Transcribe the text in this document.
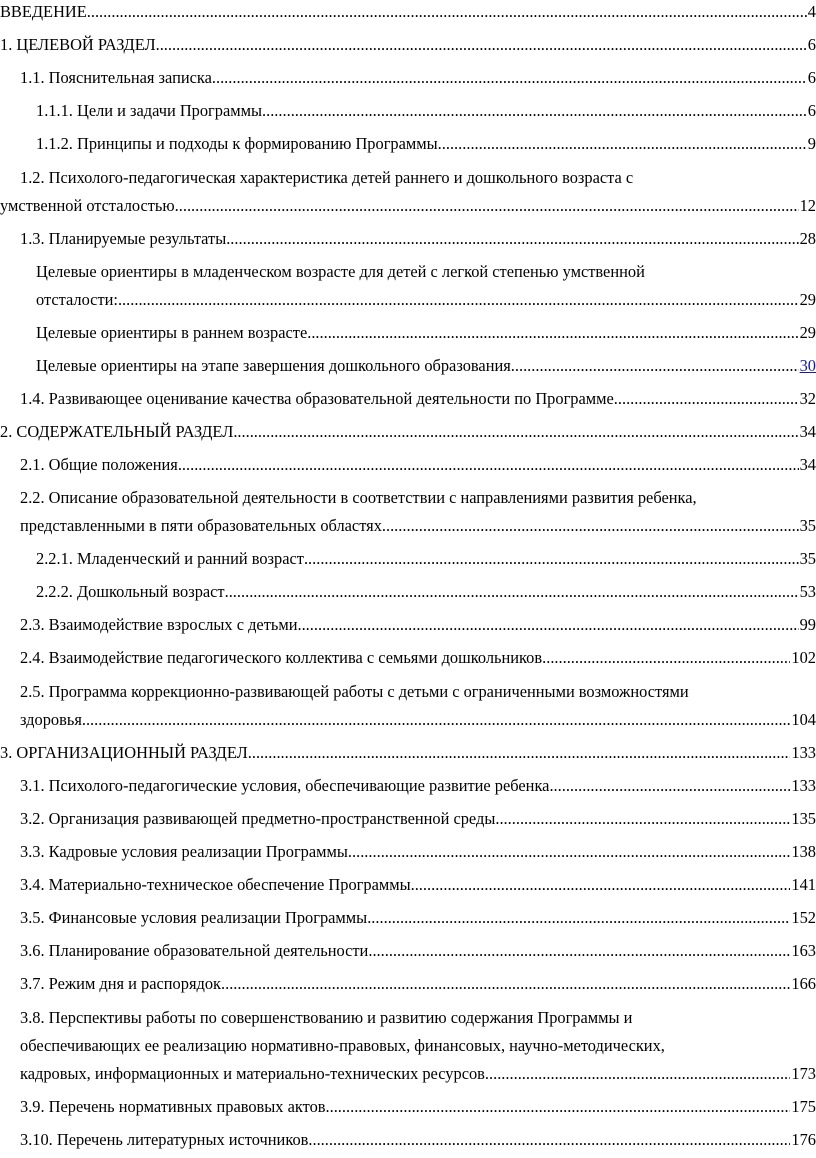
ВВЕДЕНИЕ .....	4
1. ЦЕЛЕВОЙ РАЗДЕЛ .....	6
1.1. Пояснительная записка .....	6
1.1.1. Цели и задачи Программы .....	6
1.1.2. Принципы и подходы к формированию Программы .....	9
1.2. Психолого-педагогическая характеристика детей раннего и дошкольного возраста с
умственной отсталостью .....	12
1.3. Планируемые результаты .....	28
Целевые ориентиры в младенческом возрасте для детей с легкой степенью умственной
отсталости: .....	29
Целевые ориентиры в раннем возрасте .....	29
Целевые ориентиры на этапе завершения дошкольного образования .....	30
1.4. Развивающее оценивание качества образовательной деятельности по Программе .....	32
2. СОДЕРЖАТЕЛЬНЫЙ РАЗДЕЛ .....	34
2.1. Общие положения .....	34
2.2. Описание образовательной деятельности в соответствии с направлениями развития ребенка,
представленными в пяти образовательных областях .....	35
2.2.1. Младенческий и ранний возраст .....	35
2.2.2. Дошкольный возраст .....	53
2.3. Взаимодействие взрослых с детьми .....	99
2.4. Взаимодействие педагогического коллектива с семьями дошкольников .....	102
2.5. Программа коррекционно-развивающей работы с детьми с ограниченными возможностями
здоровья .....	104
3. ОРГАНИЗАЦИОННЫЙ РАЗДЕЛ .....	133
3.1. Психолого-педагогические условия, обеспечивающие развитие ребенка .....	133
3.2. Организация развивающей предметно-пространственной среды .....	135
3.3. Кадровые условия реализации Программы .....	138
3.4. Материально-техническое обеспечение Программы .....	141
3.5. Финансовые условия реализации Программы .....	152
3.6. Планирование образовательной деятельности .....	163
3.7. Режим дня и распорядок .....	166
3.8. Перспективы работы по совершенствованию и развитию содержания Программы и
обеспечивающих ее реализацию нормативно-правовых, финансовых, научно-методических,
кадровых, информационных и материально-технических ресурсов .....	173
3.9. Перечень нормативных правовых актов .....	175
3.10. Перечень литературных источников .....	176
